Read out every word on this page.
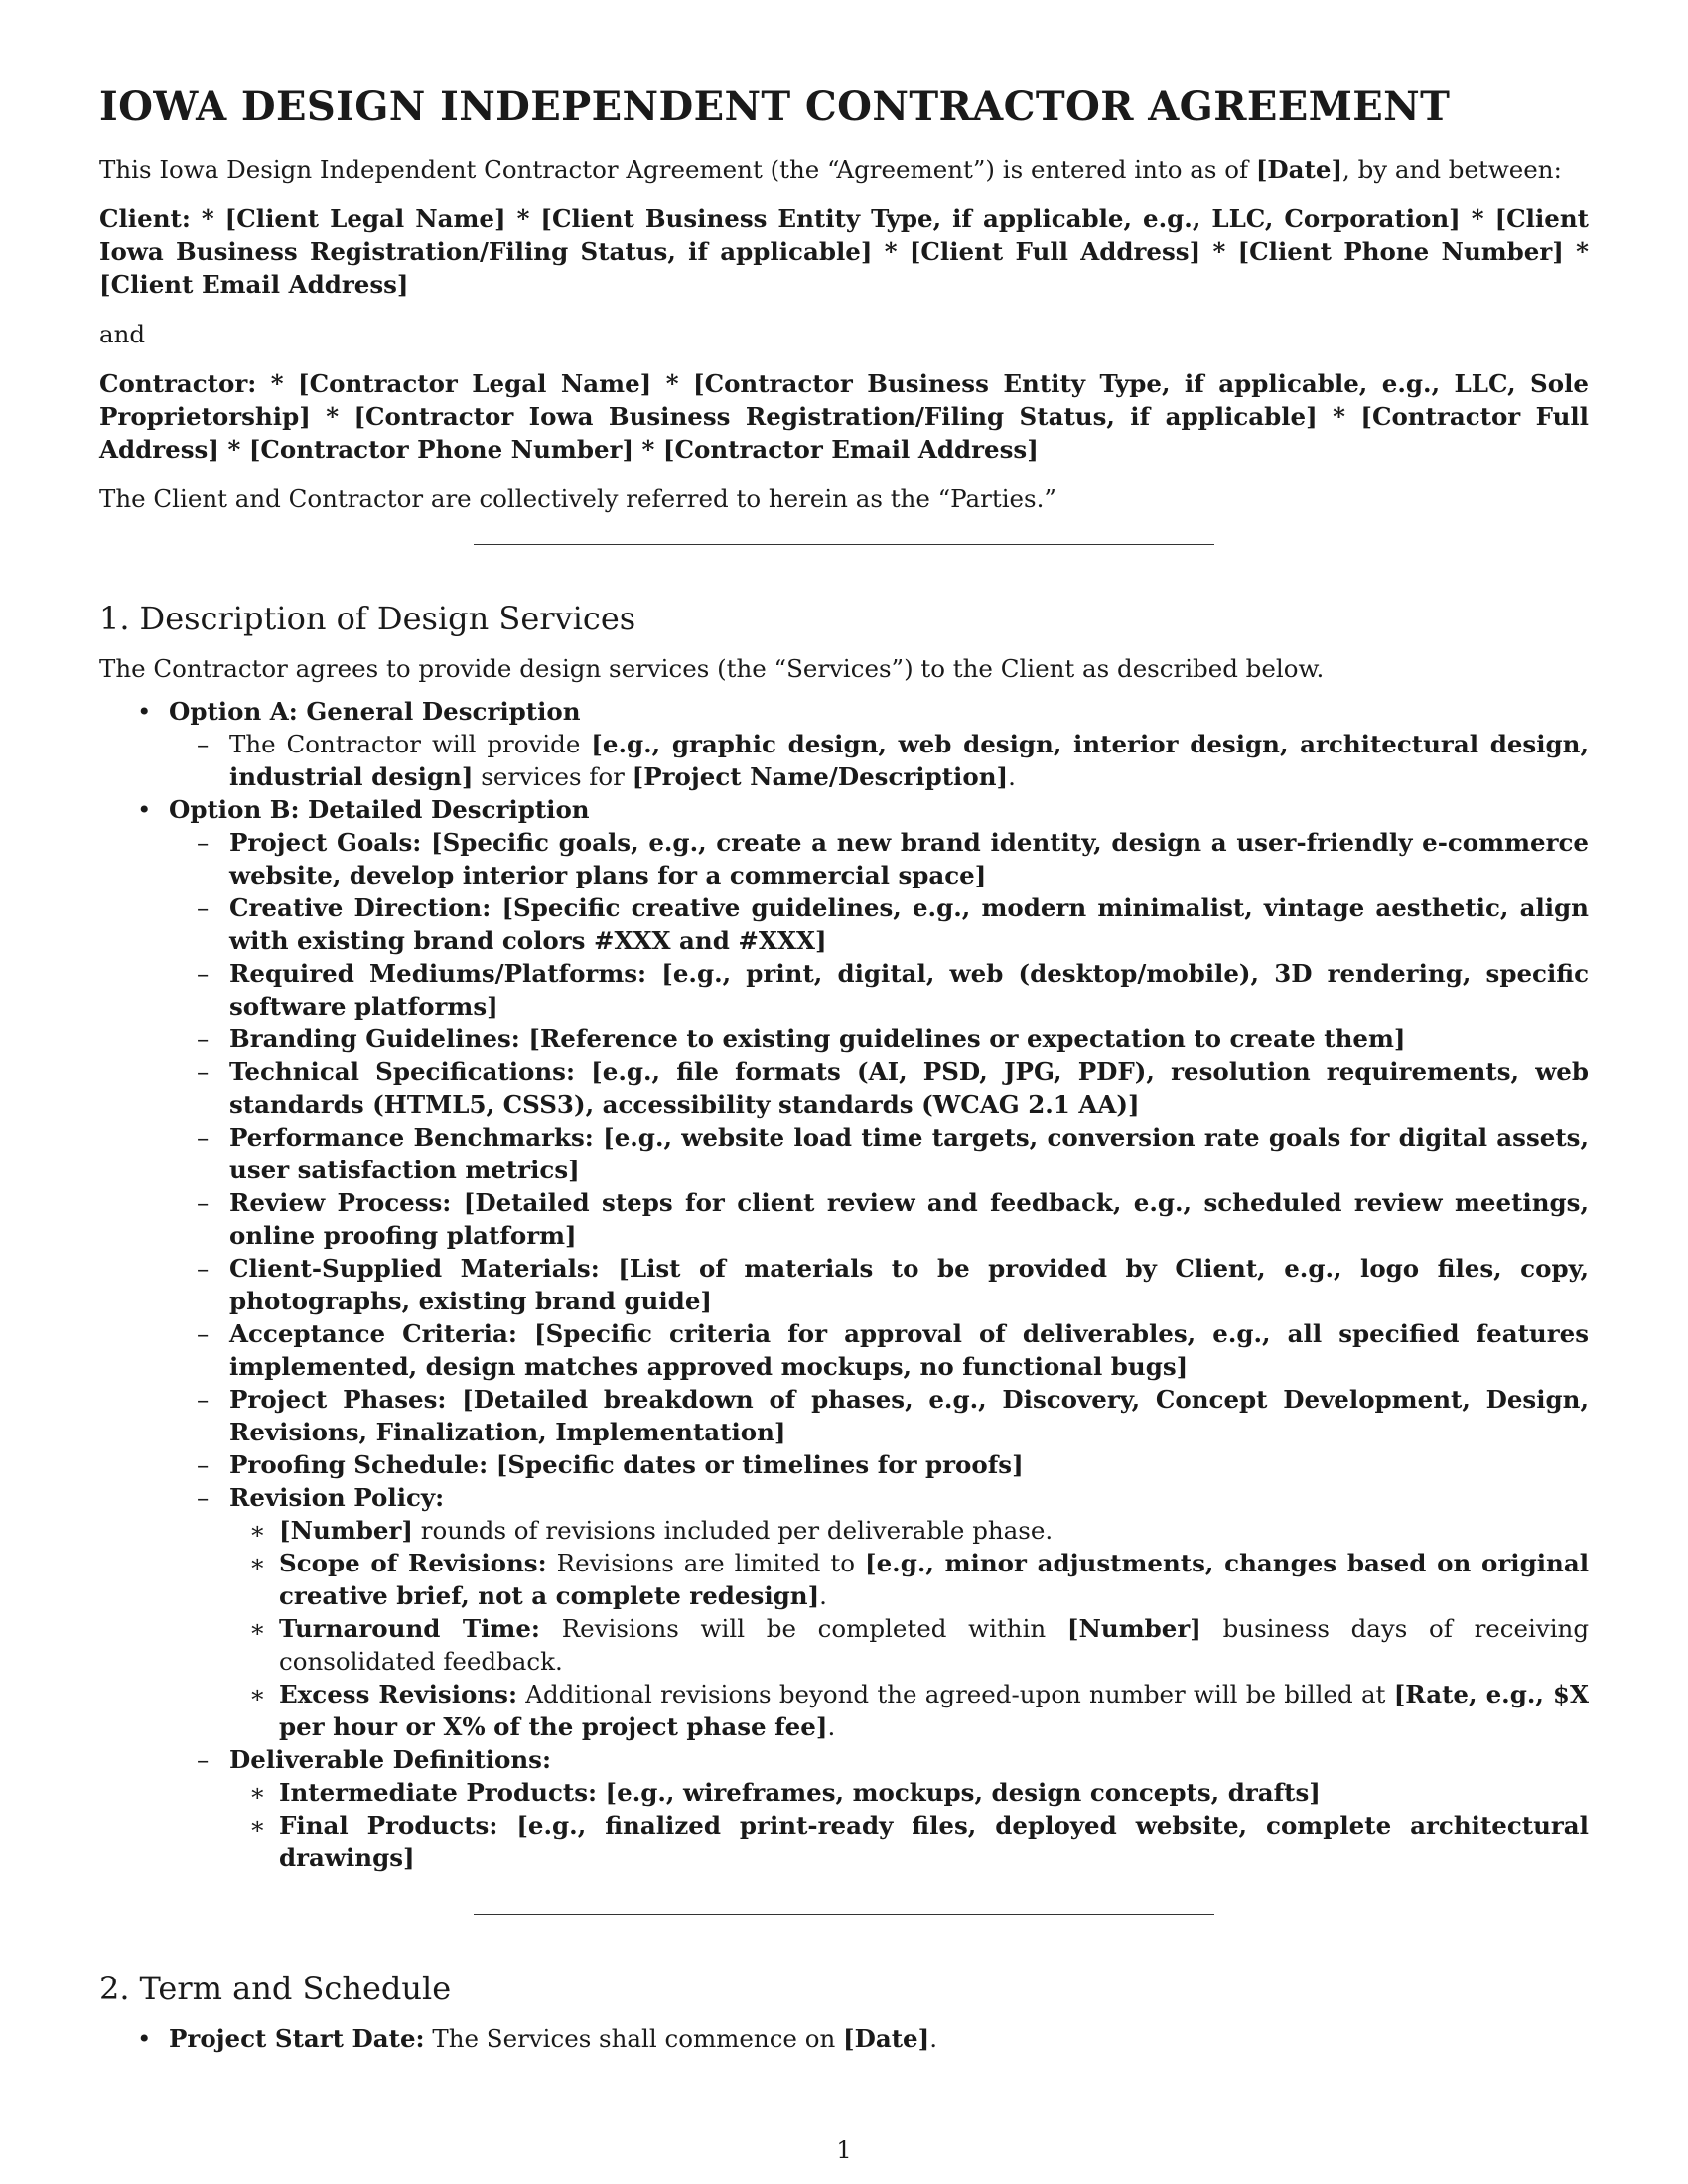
IOWA DESIGN INDEPENDENT CONTRACTOR AGREEMENT

This Iowa Design Independent Contractor Agreement (the “Agreement”) is entered into as of [Date], by and between:

Client: * [Client Legal Name] * [Client Business Entity Type, if applicable, e.g., LLC, Corporation] * [Client Iowa Business Registration/Filing Status, if applicable] * [Client Full Address] * [Client Phone Number] * [Client Email Address]

and

Contractor: * [Contractor Legal Name] * [Contractor Business Entity Type, if applicable, e.g., LLC, Sole Proprietorship] * [Contractor Iowa Business Registration/Filing Status, if applicable] * [Contractor Full Address] * [Contractor Phone Number] * [Contractor Email Address]

The Client and Contractor are collectively referred to herein as the “Parties.”

1. Description of Design Services

The Contractor agrees to provide design services (the “Services”) to the Client as described below.

• Option A: General Description
– The Contractor will provide [e.g., graphic design, web design, interior design, architectural design, industrial design] services for [Project Name/Description].
• Option B: Detailed Description
– Project Goals: [Specific goals, e.g., create a new brand identity, design a user-friendly e-commerce website, develop interior plans for a commercial space]
– Creative Direction: [Specific creative guidelines, e.g., modern minimalist, vintage aesthetic, align with existing brand colors #XXX and #XXX]
– Required Mediums/Platforms: [e.g., print, digital, web (desktop/mobile), 3D rendering, specific software platforms]
– Branding Guidelines: [Reference to existing guidelines or expectation to create them]
– Technical Specifications: [e.g., file formats (AI, PSD, JPG, PDF), resolution requirements, web standards (HTML5, CSS3), accessibility standards (WCAG 2.1 AA)]
– Performance Benchmarks: [e.g., website load time targets, conversion rate goals for digital assets, user satisfaction metrics]
– Review Process: [Detailed steps for client review and feedback, e.g., scheduled review meetings, online proofing platform]
– Client-Supplied Materials: [List of materials to be provided by Client, e.g., logo files, copy, photographs, existing brand guide]
– Acceptance Criteria: [Specific criteria for approval of deliverables, e.g., all specified features implemented, design matches approved mockups, no functional bugs]
– Project Phases: [Detailed breakdown of phases, e.g., Discovery, Concept Development, Design, Revisions, Finalization, Implementation]
– Proofing Schedule: [Specific dates or timelines for proofs]
– Revision Policy:
∗ [Number] rounds of revisions included per deliverable phase.
∗ Scope of Revisions: Revisions are limited to [e.g., minor adjustments, changes based on original creative brief, not a complete redesign].
∗ Turnaround Time: Revisions will be completed within [Number] business days of receiving consolidated feedback.
∗ Excess Revisions: Additional revisions beyond the agreed-upon number will be billed at [Rate, e.g., $X per hour or X% of the project phase fee].
– Deliverable Definitions:
∗ Intermediate Products: [e.g., wireframes, mockups, design concepts, drafts]
∗ Final Products: [e.g., finalized print-ready files, deployed website, complete architectural drawings]
2. Term and Schedule
• Project Start Date: The Services shall commence on [Date].
1
